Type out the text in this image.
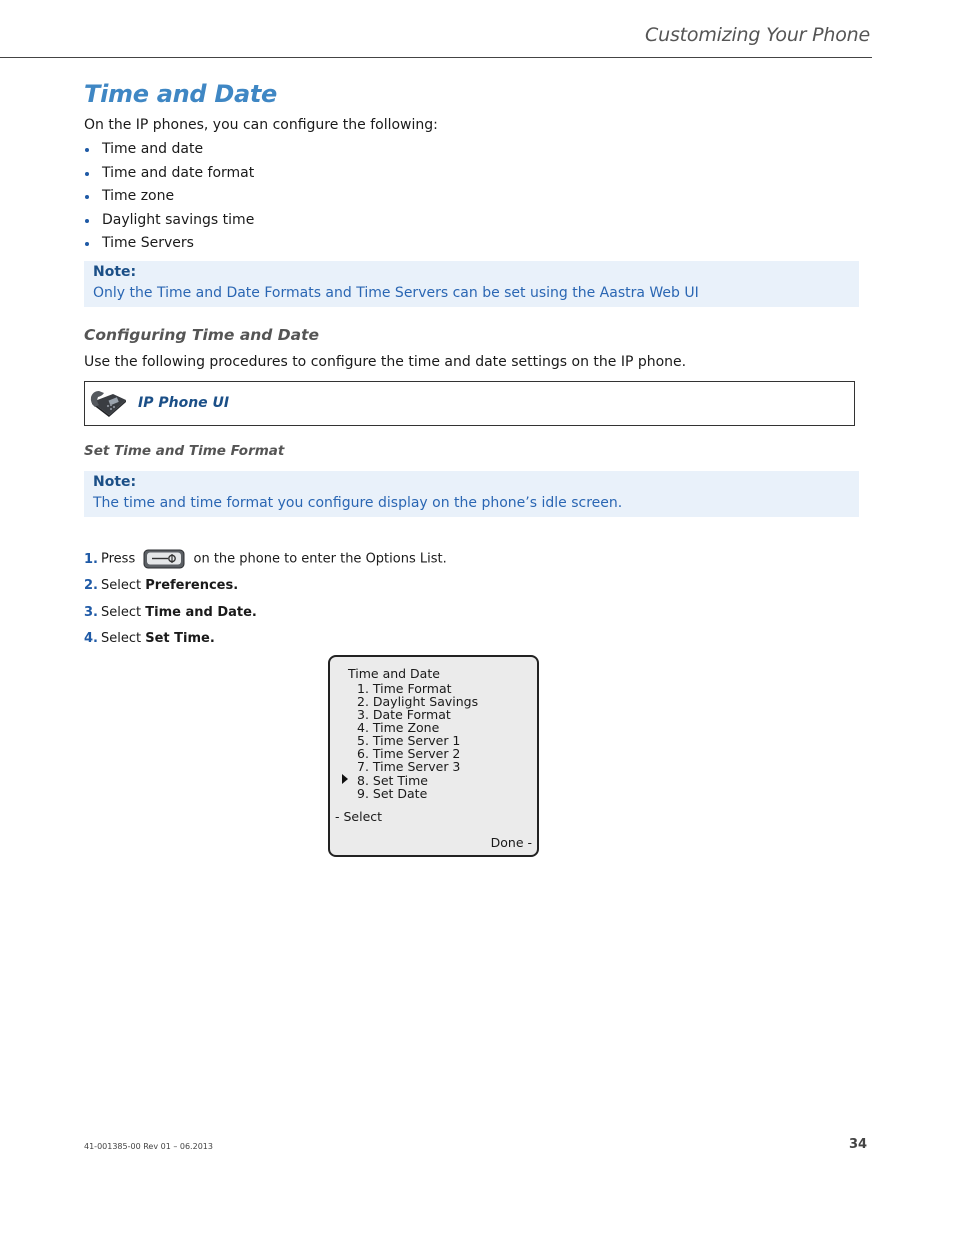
Customizing Your Phone
Time and Date
On the IP phones, you can configure the following:
Time and date
Time and date format
Time zone
Daylight savings time
Time Servers
Note:
Only the Time and Date Formats and Time Servers can be set using the Aastra Web UI
Configuring Time and Date
Use the following procedures to configure the time and date settings on the IP phone.
IP Phone UI
Set Time and Time Format
Note:
The time and time format you configure display on the phone’s idle screen.
1. Press	on the phone to enter the Options List.
2. Select Preferences.
3. Select Time and Date.
4. Select Set Time.
Time and Date
1. Time Format
2. Daylight Savings
3. Date Format
4. Time Zone
5. Time Server 1
6. Time Server 2
7. Time Server 3
8. Set Time
9. Set Date
- Select
Done -
41-001385-00 Rev 01 – 06.2013	34
